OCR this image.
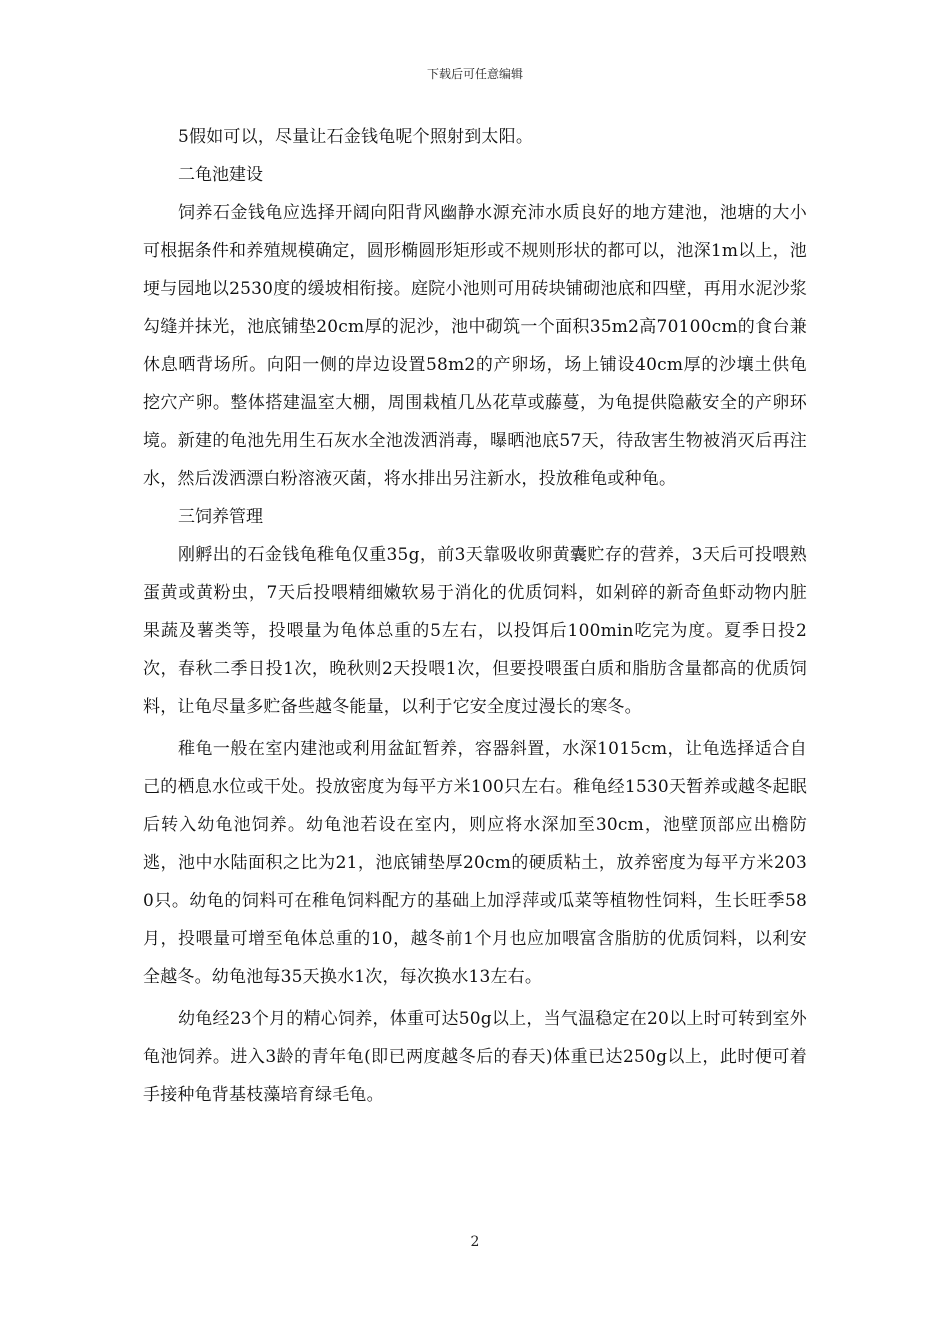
下载后可任意编辑

5假如可以，尽量让石金钱龟呢个照射到太阳。

二龟池建设

饲养石金钱龟应选择开阔向阳背风幽静水源充沛水质良好的地方建池，池塘的大小可根据条件和养殖规模确定，圆形椭圆形矩形或不规则形状的都可以，池深1m以上，池埂与园地以2530度的缓坡相衔接。庭院小池则可用砖块铺砌池底和四壁，再用水泥沙浆勾缝并抹光，池底铺垫20cm厚的泥沙，池中砌筑一个面积35m2高70100cm的食台兼休息晒背场所。向阳一侧的岸边设置58m2的产卵场，场上铺设40cm厚的沙壤土供龟挖穴产卵。整体搭建温室大棚，周围栽植几丛花草或藤蔓，为龟提供隐蔽安全的产卵环境。新建的龟池先用生石灰水全池泼洒消毒，曝晒池底57天，待敌害生物被消灭后再注水，然后泼洒漂白粉溶液灭菌，将水排出另注新水，投放稚龟或种龟。

三饲养管理

刚孵出的石金钱龟稚龟仅重35g，前3天靠吸收卵黄囊贮存的营养，3天后可投喂熟蛋黄或黄粉虫，7天后投喂精细嫩软易于消化的优质饲料，如剁碎的新奇鱼虾动物内脏果蔬及薯类等，投喂量为龟体总重的5左右，以投饵后100min吃完为度。夏季日投2次，春秋二季日投1次，晚秋则2天投喂1次，但要投喂蛋白质和脂肪含量都高的优质饲料，让龟尽量多贮备些越冬能量，以利于它安全度过漫长的寒冬。

稚龟一般在室内建池或利用盆缸暂养，容器斜置，水深1015cm，让龟选择适合自己的栖息水位或干处。投放密度为每平方米100只左右。稚龟经1530天暂养或越冬起眠后转入幼龟池饲养。幼龟池若设在室内，则应将水深加至30cm，池壁顶部应出檐防逃，池中水陆面积之比为21，池底铺垫厚20cm的硬质粘土，放养密度为每平方米2030只。幼龟的饲料可在稚龟饲料配方的基础上加浮萍或瓜菜等植物性饲料，生长旺季58月，投喂量可增至龟体总重的10，越冬前1个月也应加喂富含脂肪的优质饲料，以利安全越冬。幼龟池每35天换水1次，每次换水13左右。

幼龟经23个月的精心饲养，体重可达50g以上，当气温稳定在20以上时可转到室外龟池饲养。进入3龄的青年龟(即已两度越冬后的春天)体重已达250g以上，此时便可着手接种龟背基枝藻培育绿毛龟。

2
